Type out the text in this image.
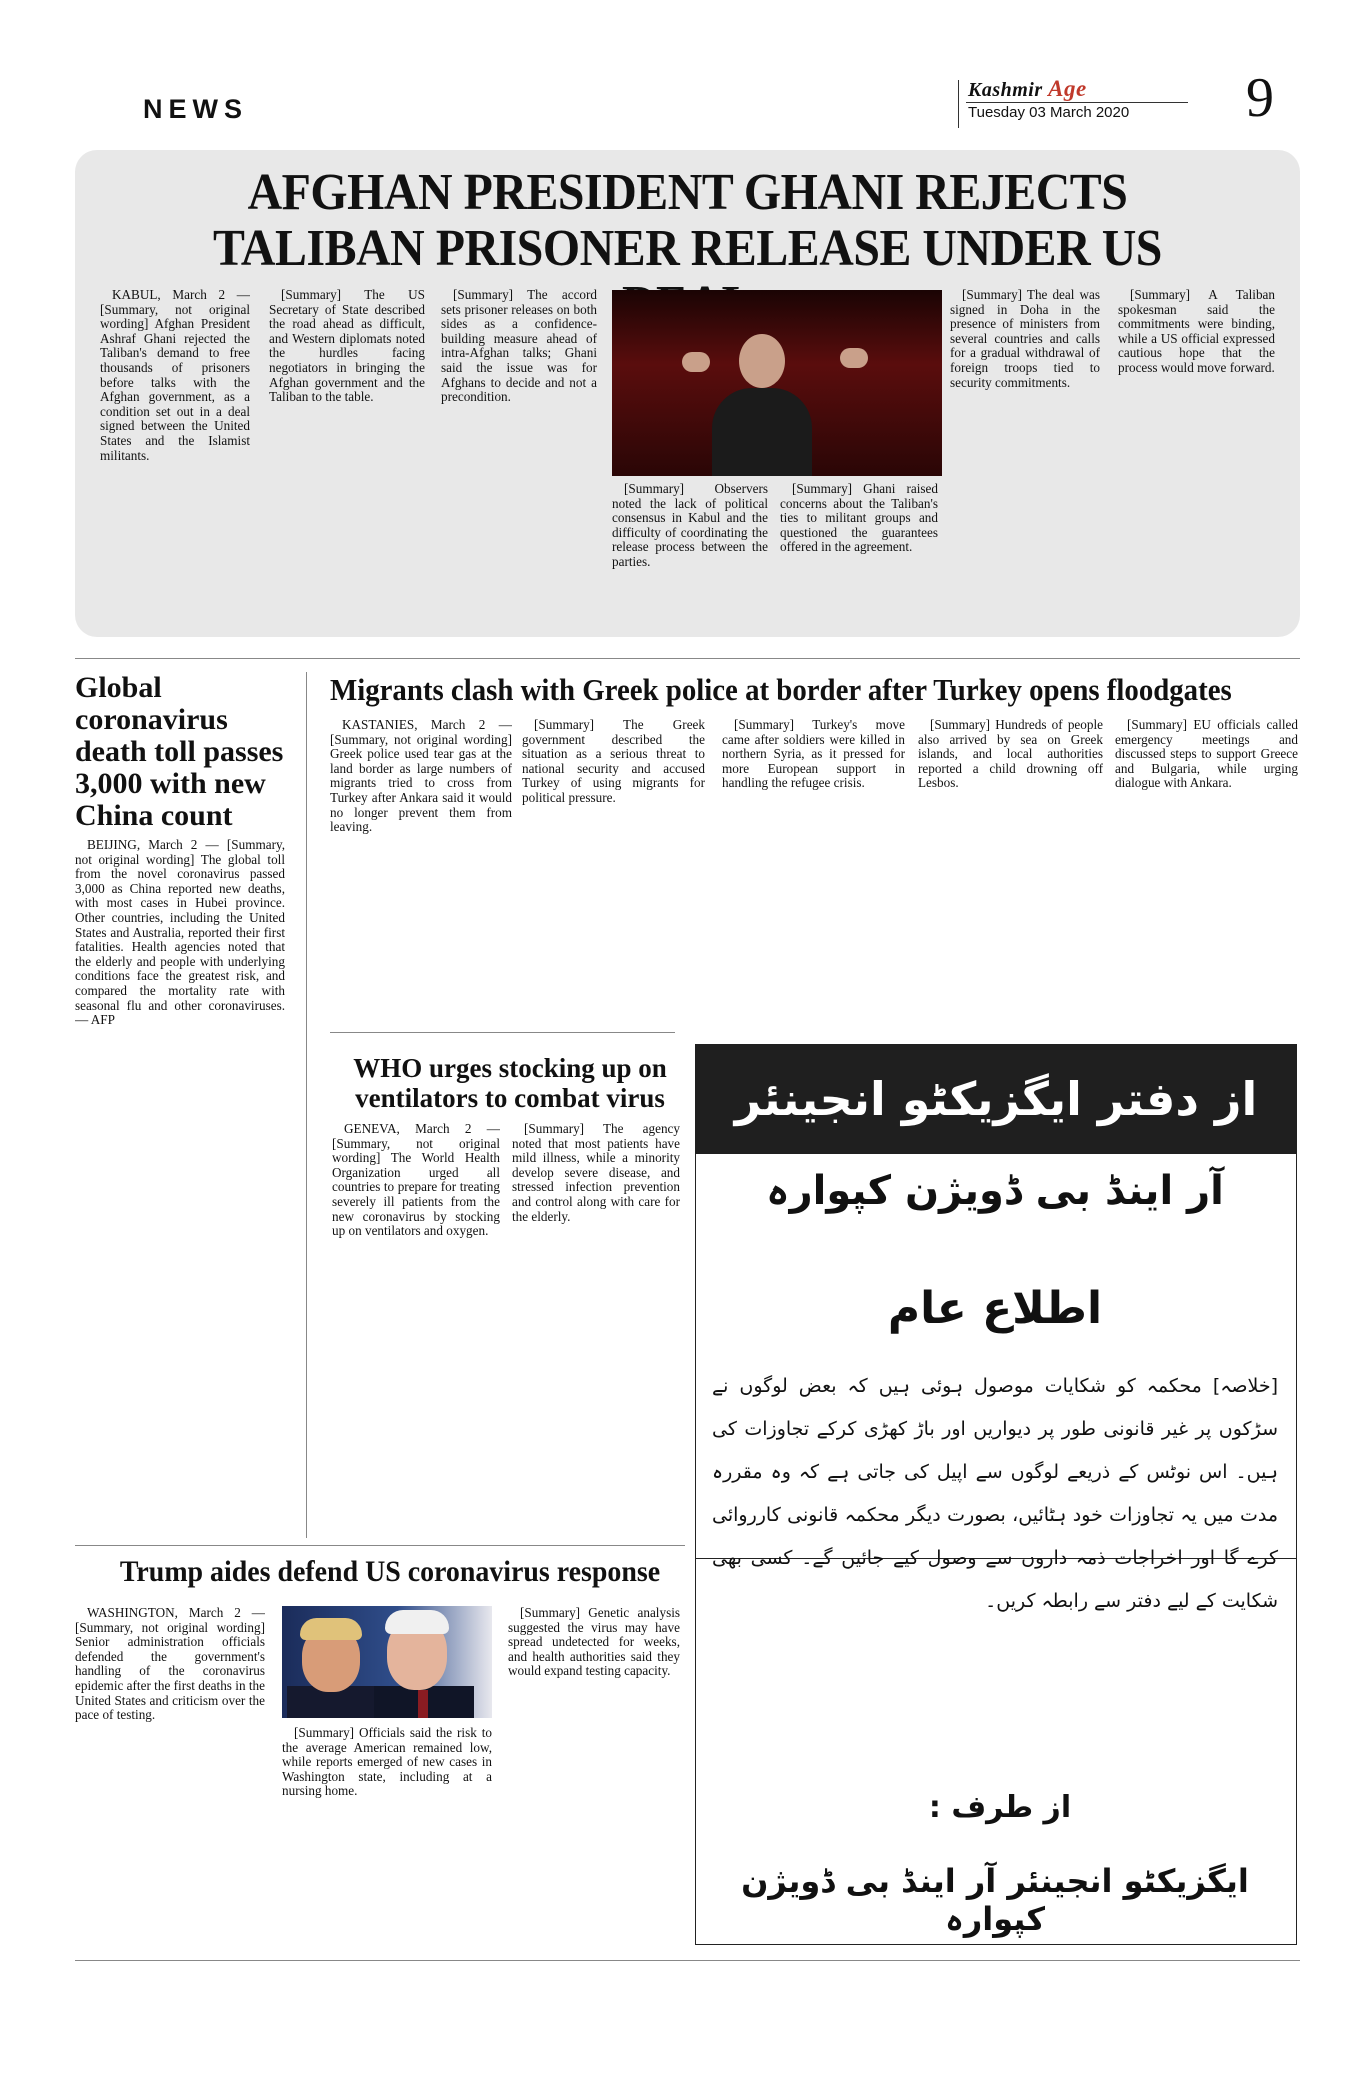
NEWS
Kashmir Age
Tuesday 03 March 2020 9
AFGHAN PRESIDENT GHANI REJECTS
TALIBAN PRISONER RELEASE UNDER US

KABUL, March 2 — [Summary, not original wording] Afghan President Ashraf Ghani rejected the Taliban's demand to free thousands of prisoners before talks with the Afghan government, as a condition set out in a deal signed between the United States and the Islamist militants.

[Summary] The US Secretary of State described the road ahead as difficult, and Western diplomats noted the hurdles facing negotiators in bringing the Afghan government and the Taliban to the table.

[Summary] The accord sets prisoner releases on both sides as a confidence-building measure ahead of intra-Afghan talks; Ghani said the issue was for Afghans to decide and not a precondition.

[Summary] Observers noted the lack of political consensus in Kabul and the difficulty of coordinating the release process between the parties.

[Summary] Ghani raised concerns about the Taliban's ties to militant groups and questioned the guarantees offered in the agreement.

[Summary] The deal was signed in Doha in the presence of ministers from several countries and calls for a gradual withdrawal of foreign troops tied to security commitments.

[Summary] A Taliban spokesman said the commitments were binding, while a US official expressed cautious hope that the process would move forward.

Global coronavirus death toll passes 3,000 with new China count

BEIJING, March 2 — [Summary, not original wording] The global toll from the novel coronavirus passed 3,000 as China reported new deaths, with most cases in Hubei province. Other countries, including the United States and Australia, reported their first fatalities. Health agencies noted that the elderly and people with underlying conditions face the greatest risk, and compared the mortality rate with seasonal flu and other coronaviruses. — AFP

Migrants clash with Greek police at border after Turkey opens floodgates

KASTANIES, March 2 — [Summary, not original wording] Greek police used tear gas at the land border as large numbers of migrants tried to cross from Turkey after Ankara said it would no longer prevent them from leaving.

[Summary] The Greek government described the situation as a serious threat to national security and accused Turkey of using migrants for political pressure.

[Summary] Turkey's move came after soldiers were killed in northern Syria, as it pressed for more European support in handling the refugee crisis.

[Summary] Hundreds of people also arrived by sea on Greek islands, and local authorities reported a child drowning off Lesbos.

[Summary] EU officials called emergency meetings and discussed steps to support Greece and Bulgaria, while urging dialogue with Ankara.

WHO urges stocking up on ventilators to combat virus

GENEVA, March 2 — [Summary, not original wording] The World Health Organization urged all countries to prepare for treating severely ill patients from the new coronavirus by stocking up on ventilators and oxygen.

[Summary] The agency noted that most patients have mild illness, while a minority develop severe disease, and stressed infection prevention and control along with care for the elderly.

از دفتر ایگزیکٹو انجینئر
آر اینڈ بی ڈویژن کپوارہ
اطلاع عام
[خلاصہ] محکمہ کو شکایات موصول ہوئی ہیں کہ بعض لوگوں نے سڑکوں پر غیر قانونی طور پر دیواریں اور باڑ کھڑی کرکے تجاوزات کی ہیں۔ اس نوٹس کے ذریعے لوگوں سے اپیل کی جاتی ہے کہ وہ مقررہ مدت میں یہ تجاوزات خود ہٹائیں، بصورت دیگر محکمہ قانونی کارروائی کرے گا اور اخراجات ذمہ داروں سے وصول کیے جائیں گے۔ کسی بھی شکایت کے لیے دفتر سے رابطہ کریں۔
از طرف :
ایگزیکٹو انجینئر آر اینڈ بی ڈویژن کپوارہ
Trump aides defend US coronavirus response

WASHINGTON, March 2 — [Summary, not original wording] Senior administration officials defended the government's handling of the coronavirus epidemic after the first deaths in the United States and criticism over the pace of testing.

[Summary] Officials said the risk to the average American remained low, while reports emerged of new cases in Washington state, including at a nursing home.

[Summary] Genetic analysis suggested the virus may have spread undetected for weeks, and health authorities said they would expand testing capacity.
